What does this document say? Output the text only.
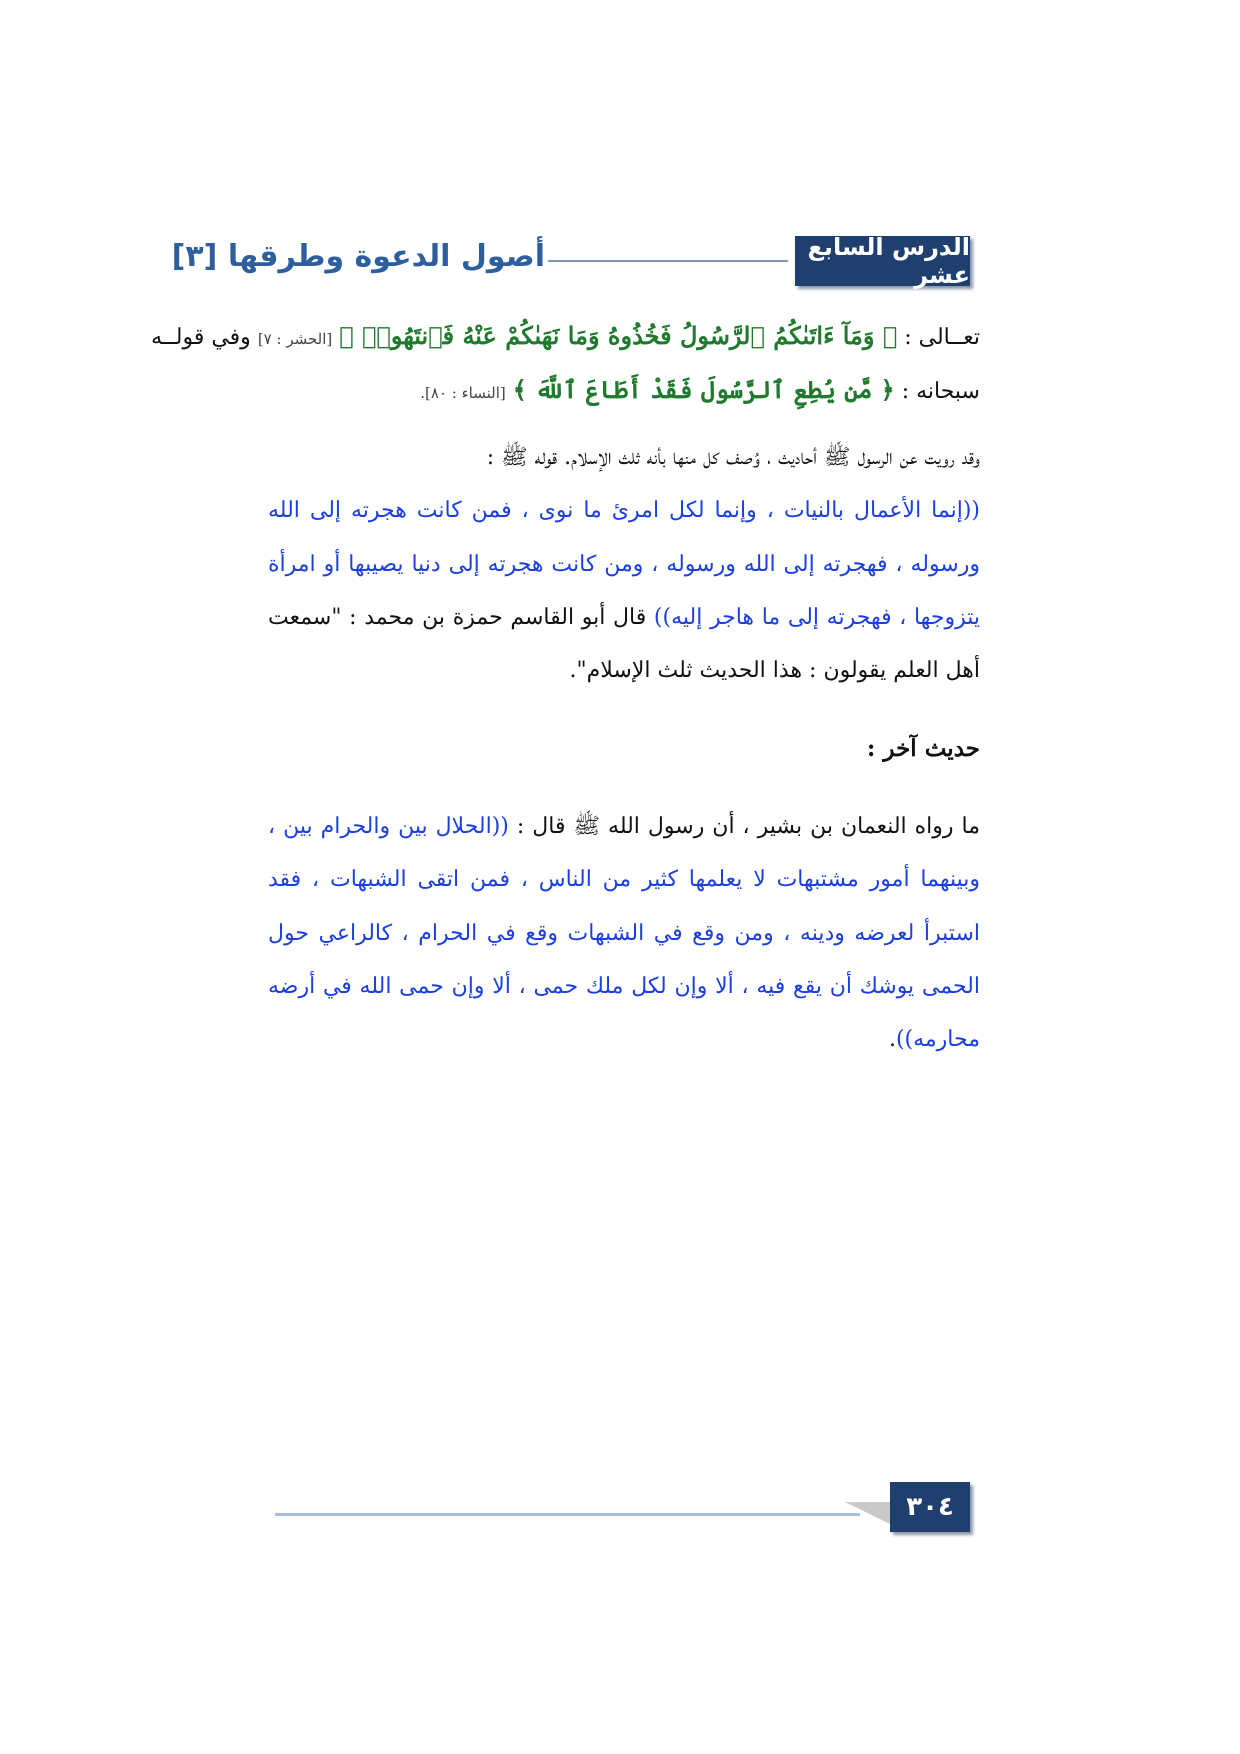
الدرس السابع عشر
أصول الدعوة وطرقها [٣]
تعــالى : ﴿ وَمَآ ءَاتَىٰكُمُ ٱلرَّسُولُ فَخُذُوهُ وَمَا نَهَىٰكُمْ عَنْهُ فَٱنتَهُوا۟ ﴾ [الحشر : ٧] وفي قولــه
سبحانه : ﴿ مَّن يُطِعِ ٱلرَّسُولَ فَقَدْ أَطَاعَ ٱللَّهَ ﴾ [النساء : ٨٠].
وقد رويت عن الرسول ﷺ أحاديث ، وُصف كل منها بأنه ثلث الإسلام. قوله ﷺ :
((إنما الأعمال بالنيات ، وإنما لكل امرئ ما نوى ، فمن كانت هجرته إلى الله
ورسوله ، فهجرته إلى الله ورسوله ، ومن كانت هجرته إلى دنيا يصيبها أو امرأة
يتزوجها ، فهجرته إلى ما هاجر إليه)) قال أبو القاسم حمزة بن محمد : "سمعت
أهل العلم يقولون : هذا الحديث ثلث الإسلام".
حديث آخر :
ما رواه النعمان بن بشير ، أن رسول الله ﷺ قال : ((الحلال بين والحرام بين ،
وبينهما أمور مشتبهات لا يعلمها كثير من الناس ، فمن اتقى الشبهات ، فقد
استبرأ لعرضه ودينه ، ومن وقع في الشبهات وقع في الحرام ، كالراعي حول
الحمى يوشك أن يقع فيه ، ألا وإن لكل ملك حمى ، ألا وإن حمى الله في أرضه
محارمه)).
٣٠٤
